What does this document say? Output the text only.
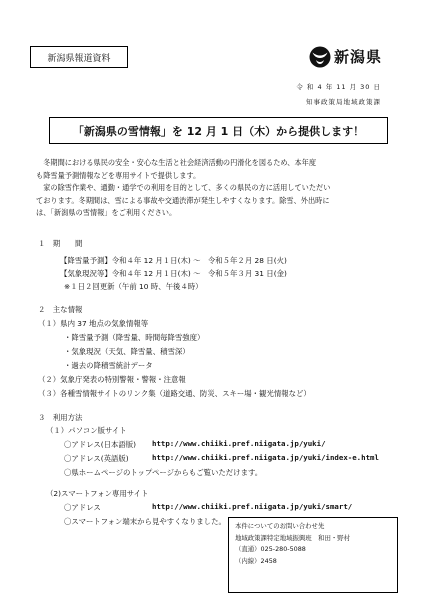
新潟県報道資料	新潟県
令 和 4 年 11 月 30 日
知事政策局地域政策課
「新潟県の雪情報」を 12 月 1 日（木）から提供します！

　冬期間における県民の安全・安心な生活と社会経済活動の円滑化を図るため、本年度

も降雪量予測情報などを専用サイトで提供します。

　家の除雪作業や、通勤・通学での利用を目的として、多くの県民の方に活用していただい

ております。冬期間は、雪による事故や交通渋滞が発生しやすくなります。除雪、外出時に

は、「新潟県の雪情報」をご利用ください。

１　期　　間
【降雪量予測】令和４年 12 月１日(木) 〜　令和５年２月 28 日(火)
【気象現況等】令和４年 12 月１日(木) 〜　令和５年３月 31 日(金)
※１日２回更新（午前 10 時、午後４時）
２　主な情報
（１）県内 37 地点の気象情報等
・降雪量予測（降雪量、時間毎降雪強度）
・気象現況（天気、降雪量、積雪深）
・過去の降積雪統計データ
（２）気象庁発表の特別警報・警報・注意報
（３）各種雪情報サイトのリンク集（道路交通、防災、スキー場・観光情報など）
３　利用方法
（１）パソコン版サイト
〇アドレス(日本語版) http://www.chiiki.pref.niigata.jp/yuki/
〇アドレス(英語版)	http://www.chiiki.pref.niigata.jp/yuki/index-e.html
〇県ホームページのトップページからもご覧いただけます。
（2)スマートフォン専用サイト
〇アドレス	http://www.chiiki.pref.niigata.jp/yuki/smart/
〇スマートフォン端末から見やすくなりました。 本件についてのお問い合わせ先
地域政策課特定地域振興班　和田・野村
（直通）025-280-5088
（内線）2458
